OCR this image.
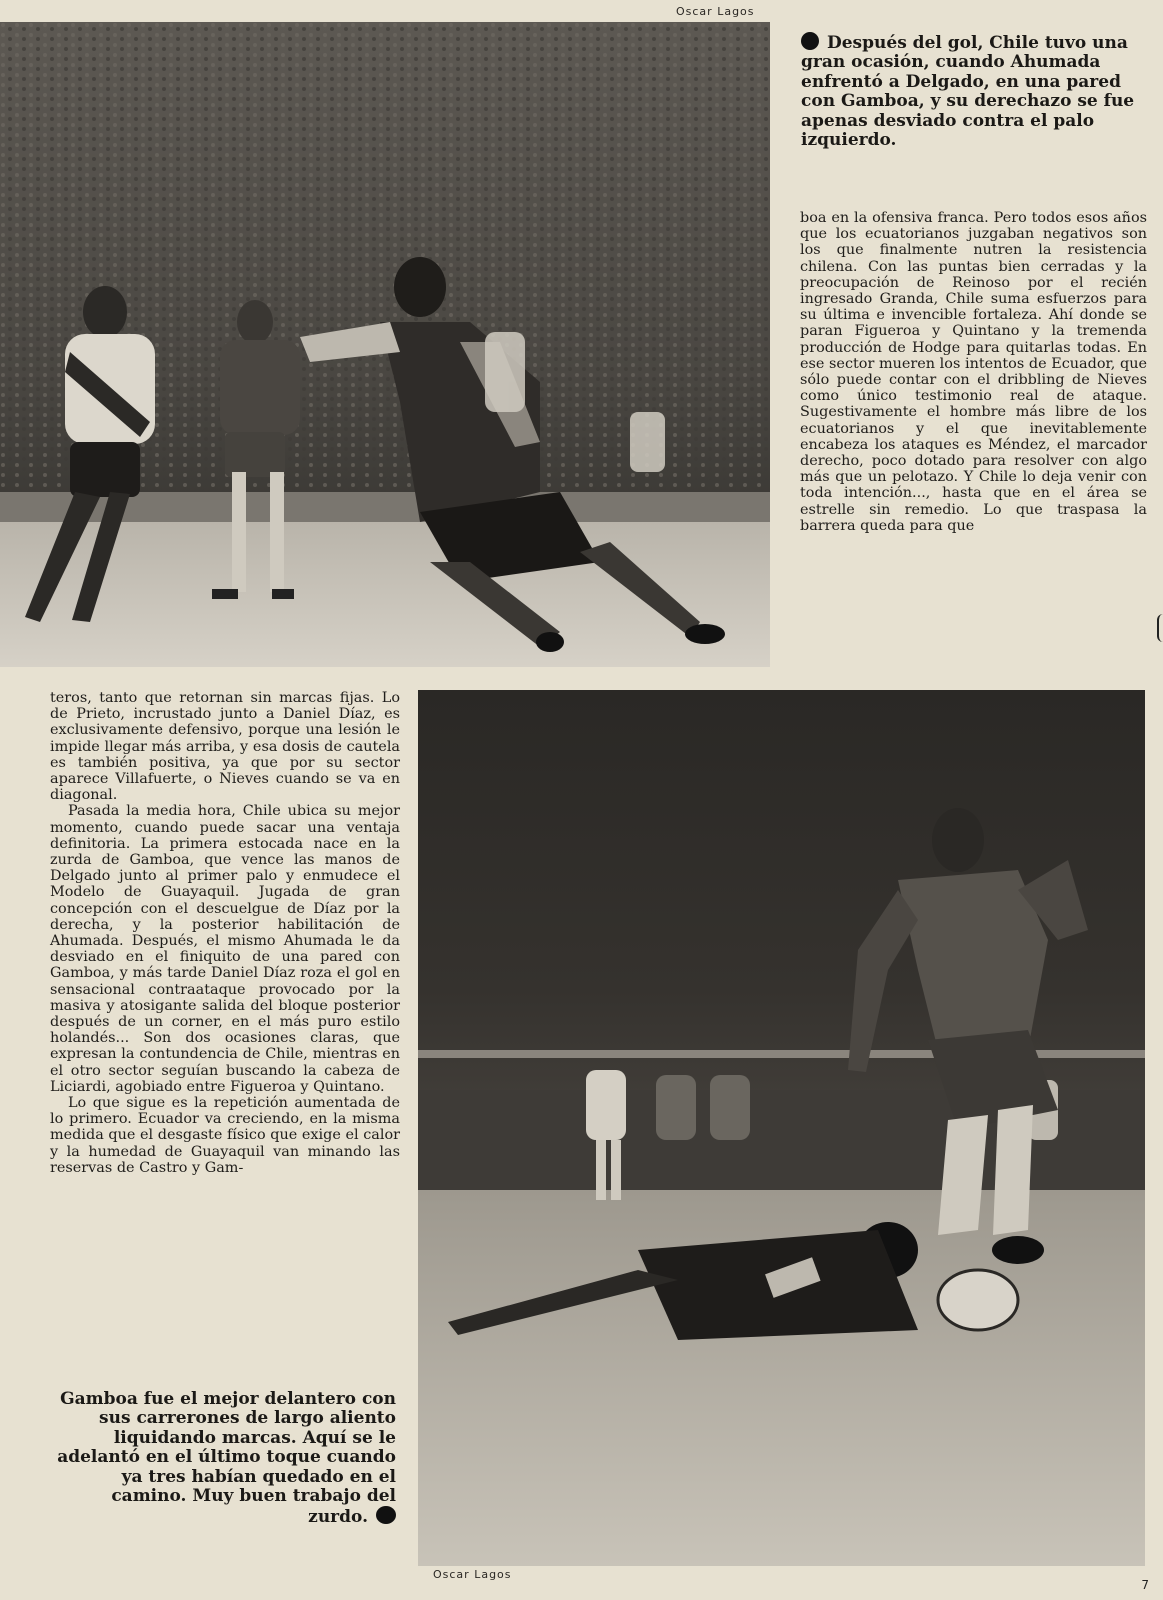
Oscar Lagos
Después del gol, Chile tuvo una gran ocasión, cuando Ahumada enfrentó a Delgado, en una pared con Gamboa, y su derechazo se fue apenas desviado contra el palo izquierdo.

boa en la ofensiva franca. Pero todos esos años que los ecuatorianos juzgaban negativos son los que finalmente nutren la resistencia chilena. Con las puntas bien cerradas y la preocupación de Reinoso por el recién ingresado Granda, Chile suma esfuerzos para su última e invencible fortaleza. Ahí donde se paran Figueroa y Quintano y la tremenda producción de Hodge para quitarlas todas. En ese sector mueren los intentos de Ecuador, que sólo puede contar con el dribbling de Nieves como único testimonio real de ataque. Sugestivamente el hombre más libre de los ecuatorianos y el que inevitablemente encabeza los ataques es Méndez, el marcador derecho, poco dotado para resolver con algo más que un pelotazo. Y Chile lo deja venir con toda intención..., hasta que en el área se estrelle sin remedio. Lo que traspasa la barrera queda para que

teros, tanto que retornan sin marcas fijas. Lo de Prieto, incrustado junto a Daniel Díaz, es exclusivamente defensivo, porque una lesión le impide llegar más arriba, y esa dosis de cautela es también positiva, ya que por su sector aparece Villafuerte, o Nieves cuando se va en diagonal.

Pasada la media hora, Chile ubica su mejor momento, cuando puede sacar una ventaja definitoria. La primera estocada nace en la zurda de Gamboa, que vence las manos de Delgado junto al primer palo y enmudece el Modelo de Guayaquil. Jugada de gran concepción con el descuelgue de Díaz por la derecha, y la posterior habilitación de Ahumada. Después, el mismo Ahumada le da desviado en el finiquito de una pared con Gamboa, y más tarde Daniel Díaz roza el gol en sensacional contraataque provocado por la masiva y atosigante salida del bloque posterior después de un corner, en el más puro estilo holandés... Son dos ocasiones claras, que expresan la contundencia de Chile, mientras en el otro sector seguían buscando la cabeza de Liciardi, agobiado entre Figueroa y Quintano.

Lo que sigue es la repetición aumentada de lo primero. Ecuador va creciendo, en la misma medida que el desgaste físico que exige el calor y la humedad de Guayaquil van minando las reservas de Castro y Gam-

Gamboa fue el mejor delantero con sus carrerones de largo aliento liquidando marcas. Aquí se le adelantó en el último toque cuando ya tres habían quedado en el camino. Muy buen trabajo del zurdo.
Oscar Lagos
7
